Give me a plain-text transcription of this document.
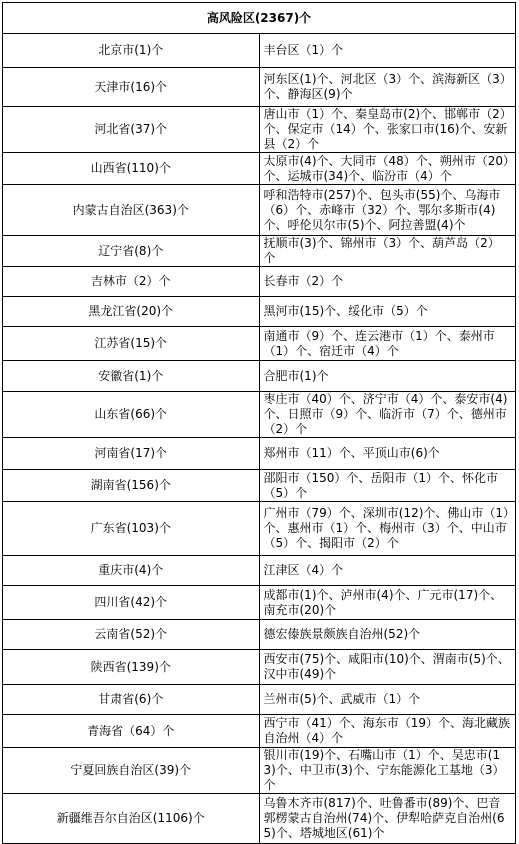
高风险区(2367)个	
北京市(1)个	丰台区（1）个
天津市(16)个	河东区(1)个、河北区（3）个、滨海新区（3）个、静海区(9)个
河北省(37)个	唐山市（1）个、秦皇岛市(2)个、邯郸市（2）个、保定市（14）个、张家口市(16)个、安新县（2）个
山西省(110)个	太原市(4)个、大同市（48）个、朔州市（20）个、运城市(34)个、临汾市（4）个
内蒙古自治区(363)个	呼和浩特市(257)个、包头市(55)个、乌海市（6）个、赤峰市（32）个、鄂尔多斯市(4)个、呼伦贝尔市(5)个、阿拉善盟(4)个
辽宁省(8)个	抚顺市(3)个、锦州市（3）个、葫芦岛（2）个
吉林市（2）个	长春市（2）个
黑龙江省(20)个	黑河市(15)个、绥化市（5）个
江苏省(15)个	南通市（9）个、连云港市（1）个、泰州市（1）个、宿迁市（4）个
安徽省(1)个	合肥市(1)个
山东省(66)个	枣庄市（40）个、济宁市（4）个、泰安市(4)个、日照市（9）个、临沂市（7）个、德州市（2）个
河南省(17)个	郑州市（11）个、平顶山市(6)个
湖南省(156)个	邵阳市（150）个、岳阳市（1）个、怀化市（5）个
广东省(103)个	广州市（79）个、深圳市(12)个、佛山市（1）个、惠州市（1）个、梅州市（3）个、中山市（5）个、揭阳市（2）个
重庆市(4)个	江津区（4）个
四川省(42)个	成都市(1)个、泸州市(4)个、广元市(17)个、南充市(20)个
云南省(52)个	德宏傣族景颇族自治州(52)个
陕西省(139)个	西安市(75)个、咸阳市(10)个、渭南市(5)个、汉中市(49)个
甘肃省(6)个	兰州市(5)个、武威市（1）个
青海省（64）个	西宁市（41）个、海东市（19）个、海北藏族自治州（4）个
宁夏回族自治区(39)个	银川市(19)个、石嘴山市（1）个、吴忠市(13)个、中卫市(3)个、宁东能源化工基地（3）个
新疆维吾尔自治区(1106)个	乌鲁木齐市(817)个、吐鲁番市(89)个、巴音郭楞蒙古自治州(74)个、伊犁哈萨克自治州(65)个、塔城地区(61)个
